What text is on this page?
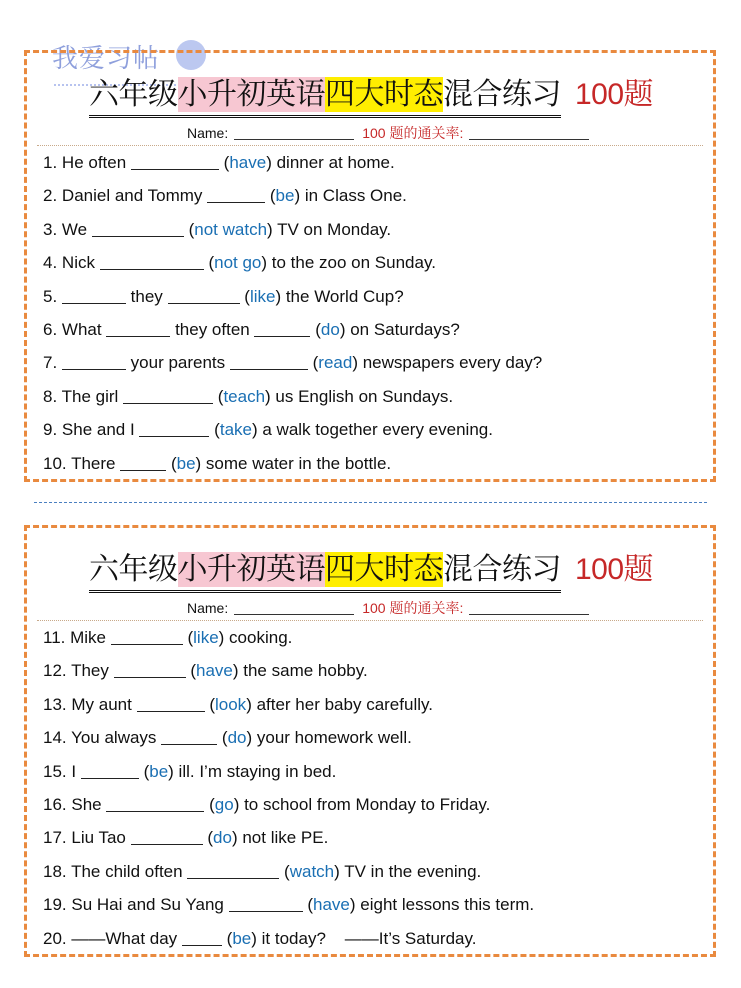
我爱习帖
六年级小升初英语四大时态混合练习 100题
Name:	100 题的通关率:
1. He often	(have) dinner at home.
2. Daniel and Tommy	(be) in Class One.
3. We	(not watch) TV on Monday.
4. Nick	(not go) to the zoo on Sunday.
5.	they	(like) the World Cup?
6. What	they often	(do) on Saturdays?
7.	your parents	(read) newspapers every day?
8. The girl	(teach) us English on Sundays.
9. She and I	(take) a walk together every evening.
10. There	(be) some water in the bottle.
六年级小升初英语四大时态混合练习 100题
Name:	100 题的通关率:
11. Mike	(like) cooking.
12. They	(have) the same hobby.
13. My aunt	(look) after her baby carefully.
14. You always	(do) your homework well.
15. I	(be) ill. I’m staying in bed.
16. She	(go) to school from Monday to Friday.
17. Liu Tao	(do) not like PE.
18. The child often	(watch) TV in the evening.
19. Su Hai and Su Yang	(have) eight lessons this term.
20. ——What day	(be) it today?    ——It’s Saturday.
